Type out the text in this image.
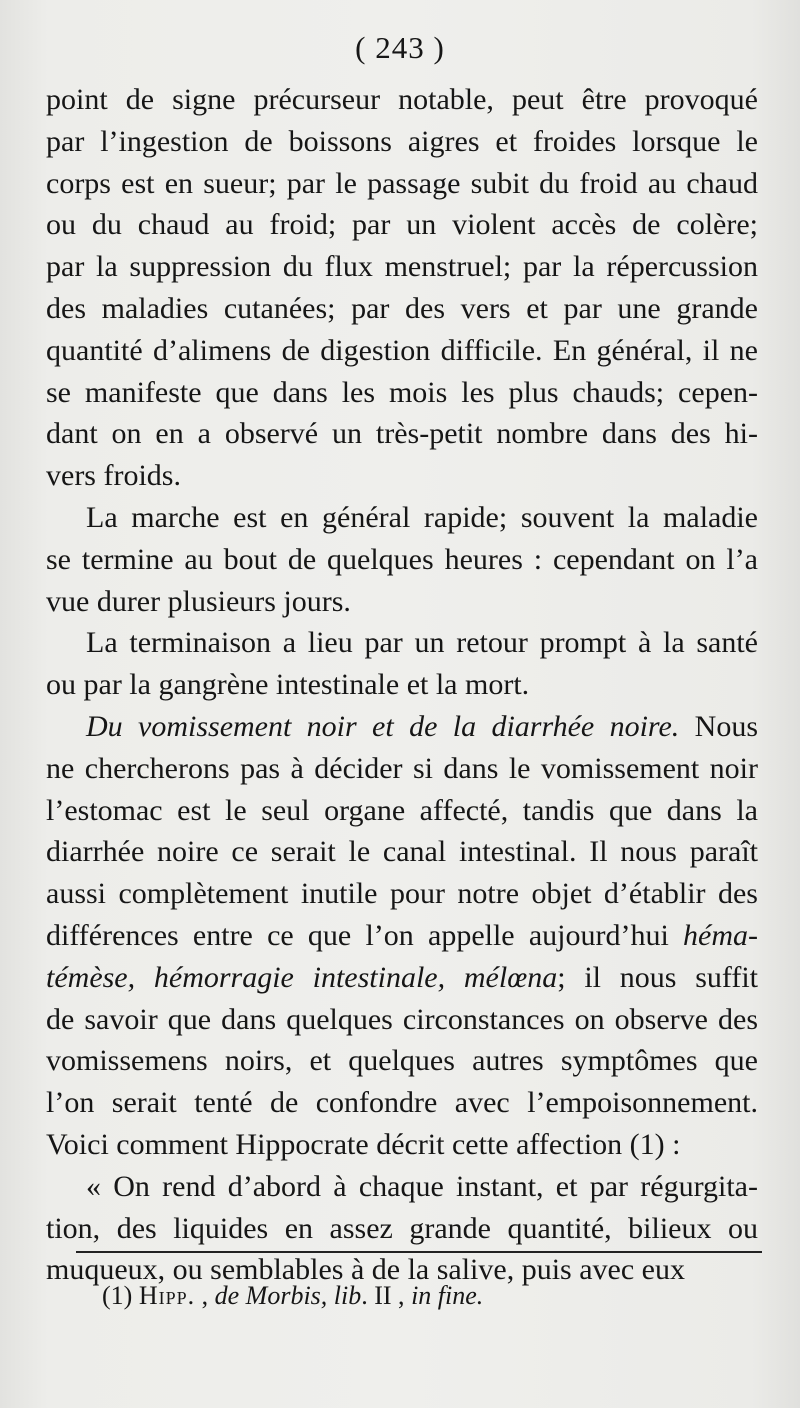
( 243 )
point de signe précurseur notable, peut être provoqué
par l’ingestion de boissons aigres et froides lorsque le
corps est en sueur; par le passage subit du froid au chaud
ou du chaud au froid; par un violent accès de colère;
par la suppression du flux menstruel; par la répercussion
des maladies cutanées; par des vers et par une grande
quantité d’alimens de digestion difficile. En général, il ne
se manifeste que dans les mois les plus chauds; cepen-
dant on en a observé un très-petit nombre dans des hi-
vers froids.
La marche est en général rapide; souvent la maladie
se termine au bout de quelques heures : cependant on l’a
vue durer plusieurs jours.
La terminaison a lieu par un retour prompt à la santé
ou par la gangrène intestinale et la mort.
Du vomissement noir et de la diarrhée noire. Nous
ne chercherons pas à décider si dans le vomissement noir
l’estomac est le seul organe affecté, tandis que dans la
diarrhée noire ce serait le canal intestinal. Il nous paraît
aussi complètement inutile pour notre objet d’établir des
différences entre ce que l’on appelle aujourd’hui héma-
témèse, hémorragie intestinale, mélœna; il nous suffit
de savoir que dans quelques circonstances on observe des
vomissemens noirs, et quelques autres symptômes que
l’on serait tenté de confondre avec l’empoisonnement.
Voici comment Hippocrate décrit cette affection (1) :
« On rend d’abord à chaque instant, et par régurgita-
tion, des liquides en assez grande quantité, bilieux ou
muqueux, ou semblables à de la salive, puis avec eux
(1) Hipp. , de Morbis, lib. II , in fine.
